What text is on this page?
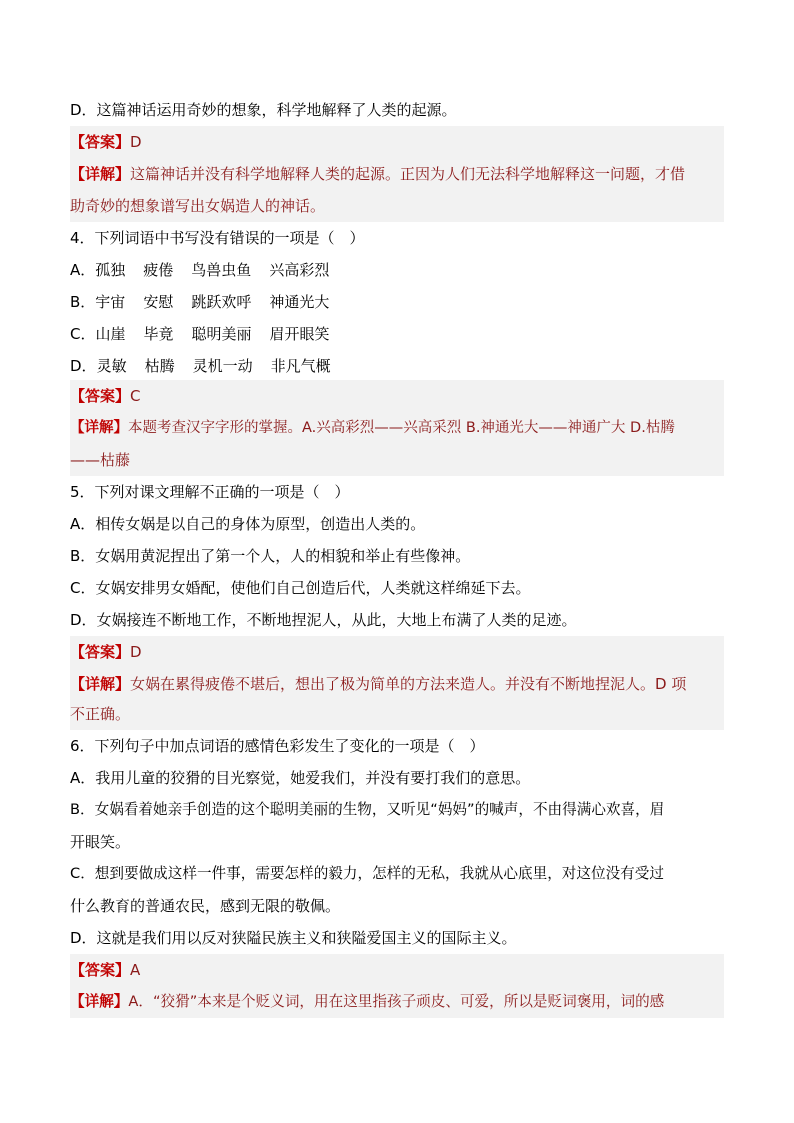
D．这篇神话运用奇妙的想象，科学地解释了人类的起源。
【答案】D
【详解】这篇神话并没有科学地解释人类的起源。正因为人们无法科学地解释这一问题，才借
助奇妙的想象谱写出女娲造人的神话。
4．下列词语中书写没有错误的一项是（　）
A．孤独 疲倦 鸟兽虫鱼 兴高彩烈
B．宇宙 安慰 跳跃欢呼 神通光大
C．山崖 毕竟 聪明美丽 眉开眼笑
D．灵敏 枯腾 灵机一动 非凡气概
【答案】C
【详解】本题考查汉字字形的掌握。A.兴高彩烈——兴高采烈 B.神通光大——神通广大 D.枯腾
——枯藤
5．下列对课文理解不正确的一项是（　）
A．相传女娲是以自己的身体为原型，创造出人类的。
B．女娲用黄泥捏出了第一个人，人的相貌和举止有些像神。
C．女娲安排男女婚配，使他们自己创造后代，人类就这样绵延下去。
D．女娲接连不断地工作，不断地捏泥人，从此，大地上布满了人类的足迹。
【答案】D
【详解】女娲在累得疲倦不堪后，想出了极为简单的方法来造人。并没有不断地捏泥人。D 项
不正确。
6．下列句子中加点词语的感情色彩发生了变化的一项是（　）
A．我用儿童的狡猾的目光察觉，她爱我们，并没有要打我们的意思。
B．女娲看着她亲手创造的这个聪明美丽的生物，又听见“妈妈”的喊声，不由得满心欢喜，眉
开眼笑。
C．想到要做成这样一件事，需要怎样的毅力，怎样的无私，我就从心底里，对这位没有受过
什么教育的普通农民，感到无限的敬佩。
D．这就是我们用以反对狭隘民族主义和狭隘爱国主义的国际主义。
【答案】A
【详解】A．“狡猾”本来是个贬义词，用在这里指孩子顽皮、可爱，所以是贬词褒用，词的感
